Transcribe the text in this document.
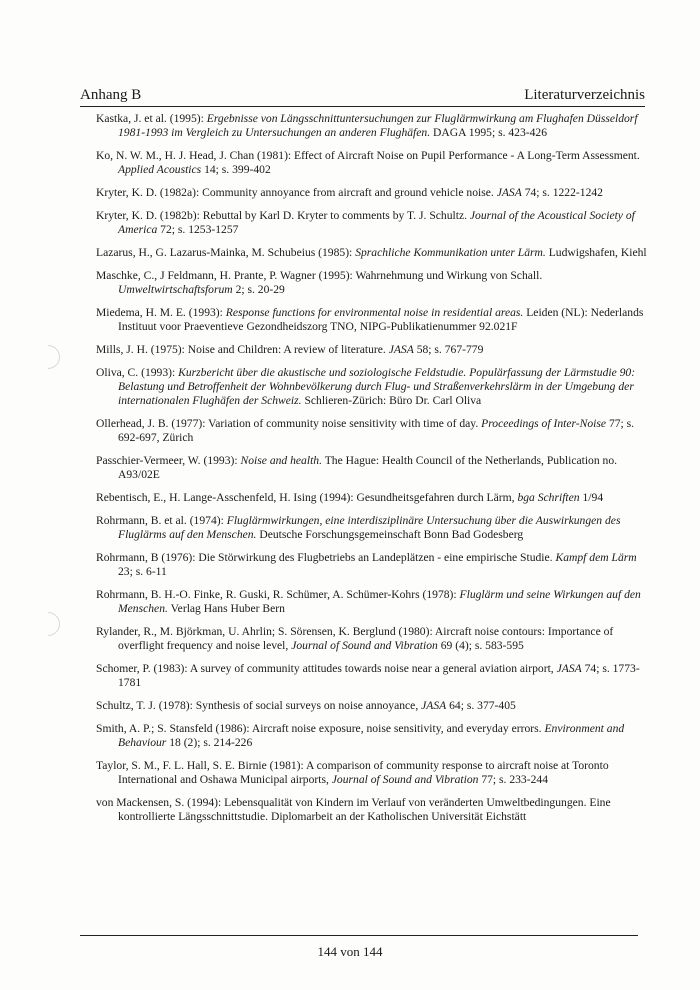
Anhang B	Literaturverzeichnis
Kastka, J. et al. (1995): Ergebnisse von Längsschnittuntersuchungen zur Fluglärmwirkung am Flughafen Düsseldorf 1981-1993 im Vergleich zu Untersuchungen an anderen Flughäfen. DAGA 1995; s. 423-426
Ko, N. W. M., H. J. Head, J. Chan (1981): Effect of Aircraft Noise on Pupil Performance - A Long-Term Assessment. Applied Acoustics 14; s. 399-402
Kryter, K. D. (1982a): Community annoyance from aircraft and ground vehicle noise. JASA 74; s. 1222-1242
Kryter, K. D. (1982b): Rebuttal by Karl D. Kryter to comments by T. J. Schultz. Journal of the Acoustical Society of America 72; s. 1253-1257
Lazarus, H., G. Lazarus-Mainka, M. Schubeius (1985): Sprachliche Kommunikation unter Lärm. Ludwigshafen, Kiehl
Maschke, C., J Feldmann, H. Prante, P. Wagner (1995): Wahrnehmung und Wirkung von Schall. Umweltwirtschaftsforum 2; s. 20-29
Miedema, H. M. E. (1993): Response functions for environmental noise in residential areas. Leiden (NL): Nederlands Instituut voor Praeventieve Gezondheidszorg TNO, NIPG-Publikatienummer 92.021F
Mills, J. H. (1975): Noise and Children: A review of literature. JASA 58; s. 767-779
Oliva, C. (1993): Kurzbericht über die akustische und soziologische Feldstudie. Populärfassung der Lärmstudie 90: Belastung und Betroffenheit der Wohnbevölkerung durch Flug- und Straßenverkehrslärm in der Umgebung der internationalen Flughäfen der Schweiz. Schlieren-Zürich: Büro Dr. Carl Oliva
Ollerhead, J. B. (1977): Variation of community noise sensitivity with time of day. Proceedings of Inter-Noise 77; s. 692-697, Zürich
Passchier-Vermeer, W. (1993): Noise and health. The Hague: Health Council of the Netherlands, Publication no. A93/02E
Rebentisch, E., H. Lange-Asschenfeld, H. Ising (1994): Gesundheitsgefahren durch Lärm, bga Schriften 1/94
Rohrmann, B. et al. (1974): Fluglärmwirkungen, eine interdisziplinäre Untersuchung über die Auswirkungen des Fluglärms auf den Menschen. Deutsche Forschungsgemeinschaft Bonn Bad Godesberg
Rohrmann, B (1976): Die Störwirkung des Flugbetriebs an Landeplätzen - eine empirische Studie. Kampf dem Lärm 23; s. 6-11
Rohrmann, B. H.-O. Finke, R. Guski, R. Schümer, A. Schümer-Kohrs (1978): Fluglärm und seine Wirkungen auf den Menschen. Verlag Hans Huber Bern
Rylander, R., M. Björkman, U. Ahrlin; S. Sörensen, K. Berglund (1980): Aircraft noise contours: Importance of overflight frequency and noise level, Journal of Sound and Vibration 69 (4); s. 583-595
Schomer, P. (1983): A survey of community attitudes towards noise near a general aviation airport, JASA 74; s. 1773-1781
Schultz, T. J. (1978): Synthesis of social surveys on noise annoyance, JASA 64; s. 377-405
Smith, A. P.; S. Stansfeld (1986): Aircraft noise exposure, noise sensitivity, and everyday errors. Environment and Behaviour 18 (2); s. 214-226
Taylor, S. M., F. L. Hall, S. E. Birnie (1981): A comparison of community response to aircraft noise at Toronto International and Oshawa Municipal airports, Journal of Sound and Vibration 77; s. 233-244
von Mackensen, S. (1994): Lebensqualität von Kindern im Verlauf von veränderten Umweltbedingungen. Eine kontrollierte Längsschnittstudie. Diplomarbeit an der Katholischen Universität Eichstätt
144 von 144
